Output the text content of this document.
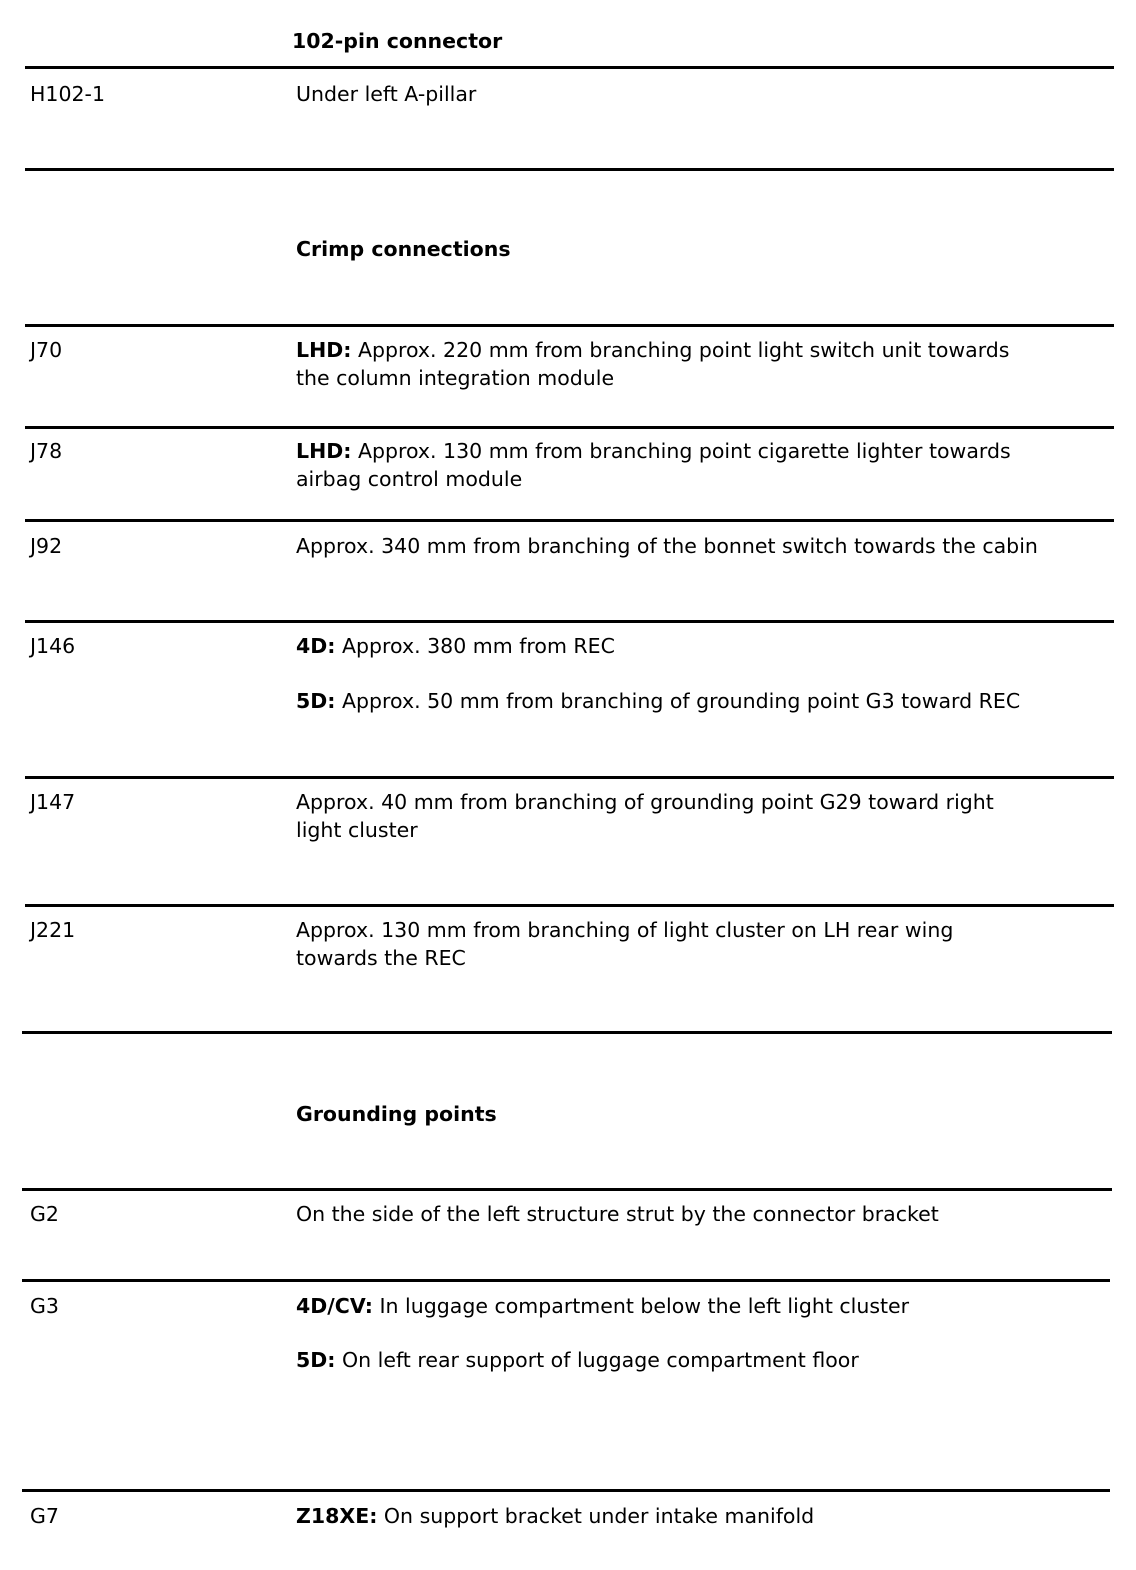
102-pin connector
H102-1	Under left A-pillar
Crimp connections
J70	LHD: Approx. 220 mm from branching point light switch unit towards
the column integration module
J78	LHD: Approx. 130 mm from branching point cigarette lighter towards
airbag control module
J92	Approx. 340 mm from branching of the bonnet switch towards the cabin
J146	4D: Approx. 380 mm from REC
5D: Approx. 50 mm from branching of grounding point G3 toward REC
J147	Approx. 40 mm from branching of grounding point G29 toward right
light cluster
J221	Approx. 130 mm from branching of light cluster on LH rear wing
towards the REC
Grounding points
G2	On the side of the left structure strut by the connector bracket
G3	4D/CV: In luggage compartment below the left light cluster
5D: On left rear support of luggage compartment floor
G7	Z18XE: On support bracket under intake manifold
